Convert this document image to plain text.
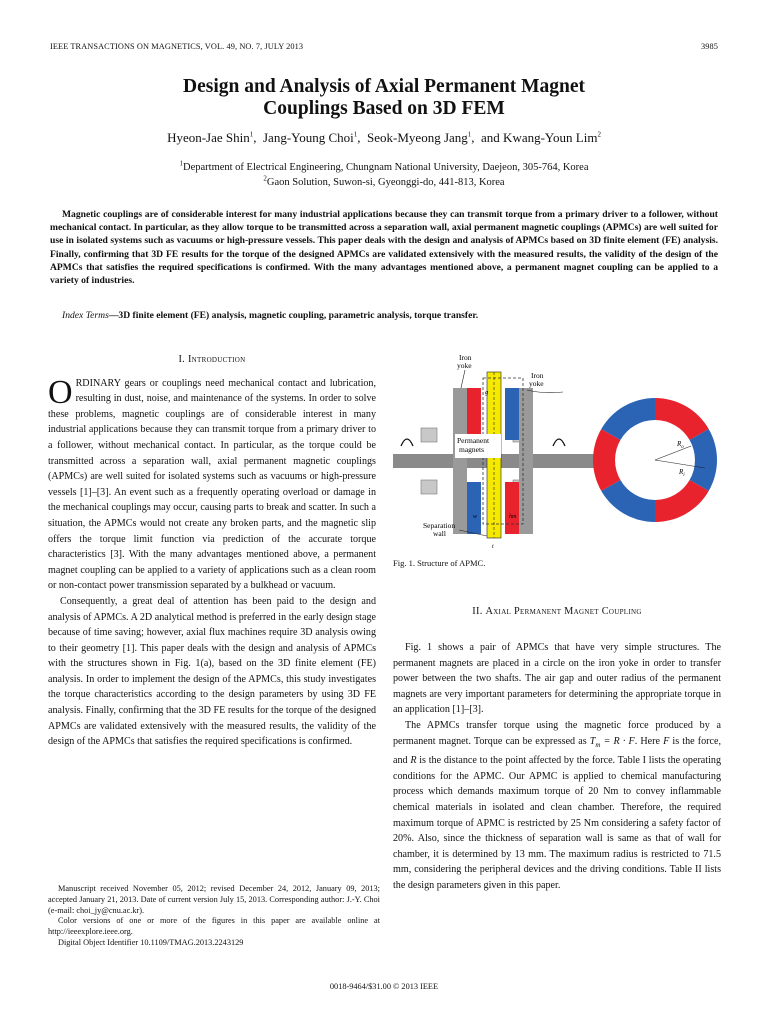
IEEE TRANSACTIONS ON MAGNETICS, VOL. 49, NO. 7, JULY 2013	3985
Design and Analysis of Axial Permanent Magnet
Couplings Based on 3D FEM
Hyeon-Jae Shin$^1$,  Jang-Young Choi$^1$,  Seok-Myeong Jang$^1$,  and Kwang-Youn Lim$^2$
$^1$Department of Electrical Engineering, Chungnam National University, Daejeon, 305-764, Korea
$^2$Gaon Solution, Suwon-si, Gyeonggi-do, 441-813, Korea
Magnetic couplings are of considerable interest for many industrial applications because they can transmit torque from a primary driver to a follower, without mechanical contact. In particular, as they allow torque to be transmitted across a separation wall, axial permanent magnetic couplings (APMCs) are well suited for use in isolated systems such as vacuums or high-pressure vessels. This paper deals with the design and analysis of APMCs based on 3D finite element (FE) analysis. Finally, confirming that 3D FE results for the torque of the designed APMCs are validated extensively with the measured results, the validity of the design of the APMCs that satisfies the required specifications is confirmed. With the many advantages mentioned above, a permanent magnet coupling can be applied to a variety of industries.
Index Terms—3D finite element (FE) analysis, magnetic coupling, parametric analysis, torque transfer.
I. Introduction

ORDINARY gears or couplings need mechanical contact and lubrication, resulting in dust, noise, and maintenance of the systems. In order to solve these problems, magnetic couplings are of considerable interest in many industrial applications because they can transmit torque from a primary driver to a follower, without mechanical contact. In particular, as the torque could be transmitted across a separation wall, axial permanent magnetic couplings (APMCs) are well suited for isolated systems such as vacuums or high-pressure vessels [1]–[3]. An event such as a frequently operating overload or damage in the mechanical couplings may occur, causing parts to break and scatter. In such a situation, the APMCs would not create any broken parts, and the magnetic slip offers the torque limit function via prediction of the accurate torque characteristics [3]. With the many advantages mentioned above, a permanent magnet coupling can be applied to a variety of applications such as a clean room or non-contact power transmission separated by a bulkhead or vacuum.

Consequently, a great deal of attention has been paid to the design and analysis of APMCs. A 2D analytical method is preferred in the early design stage because of time saving; however, axial flux machines require 3D analysis owing to their geometry [1]. This paper deals with the design and analysis of APMCs with the structures shown in Fig. 1(a), based on the 3D finite element (FE) analysis. In order to implement the design of the APMCs, this study investigates the torque characteristics according to the design parameters by using 3D FE analysis. Finally, confirming that the 3D FE results for the torque of the designed APMCs are validated extensively with the measured results, the validity of the design of the APMCs that satisfies the required specifications is confirmed.

Iron
yoke
Iron
yoke
Permanent
magnets
g
Separation
wall
w	hm
t
$R_o$
$R_i$
Fig. 1. Structure of APMC.
II. Axial Permanent Magnet Coupling

Fig. 1 shows a pair of APMCs that have very simple structures. The permanent magnets are placed in a circle on the iron yoke in order to transfer power between the two shafts. The air gap and outer radius of the permanent magnets are very important parameters for determining the appropriate torque in an application [1]–[3].

The APMCs transfer torque using the magnetic force produced by a permanent magnet. Torque can be expressed as $T_m = R \cdot F$. Here F is the force, and R is the distance to the point affected by the force. Table I lists the operating conditions for the APMC. Our APMC is applied to chemical manufacturing process which demands maximum torque of 20 Nm to convey inflammable chemical materials in isolated and clean chamber. Therefore, the required maximum torque of APMC is restricted by 25 Nm considering a safety factor of 20%. Also, since the thickness of separation wall is same as that of wall for chamber, it is determined by 13 mm. The maximum radius is restricted to 71.5 mm, considering the peripheral devices and the driving conditions. Table II lists the design parameters given in this paper.

Manuscript received November 05, 2012; revised December 24, 2012, January 09, 2013; accepted January 21, 2013. Date of current version July 15, 2013. Corresponding author: J.-Y. Choi (e-mail: choi_jy@cnu.ac.kr).

Color versions of one or more of the figures in this paper are available online at http://ieeexplore.ieee.org.

Digital Object Identifier 10.1109/TMAG.2013.2243129

0018-9464/$31.00 © 2013 IEEE
